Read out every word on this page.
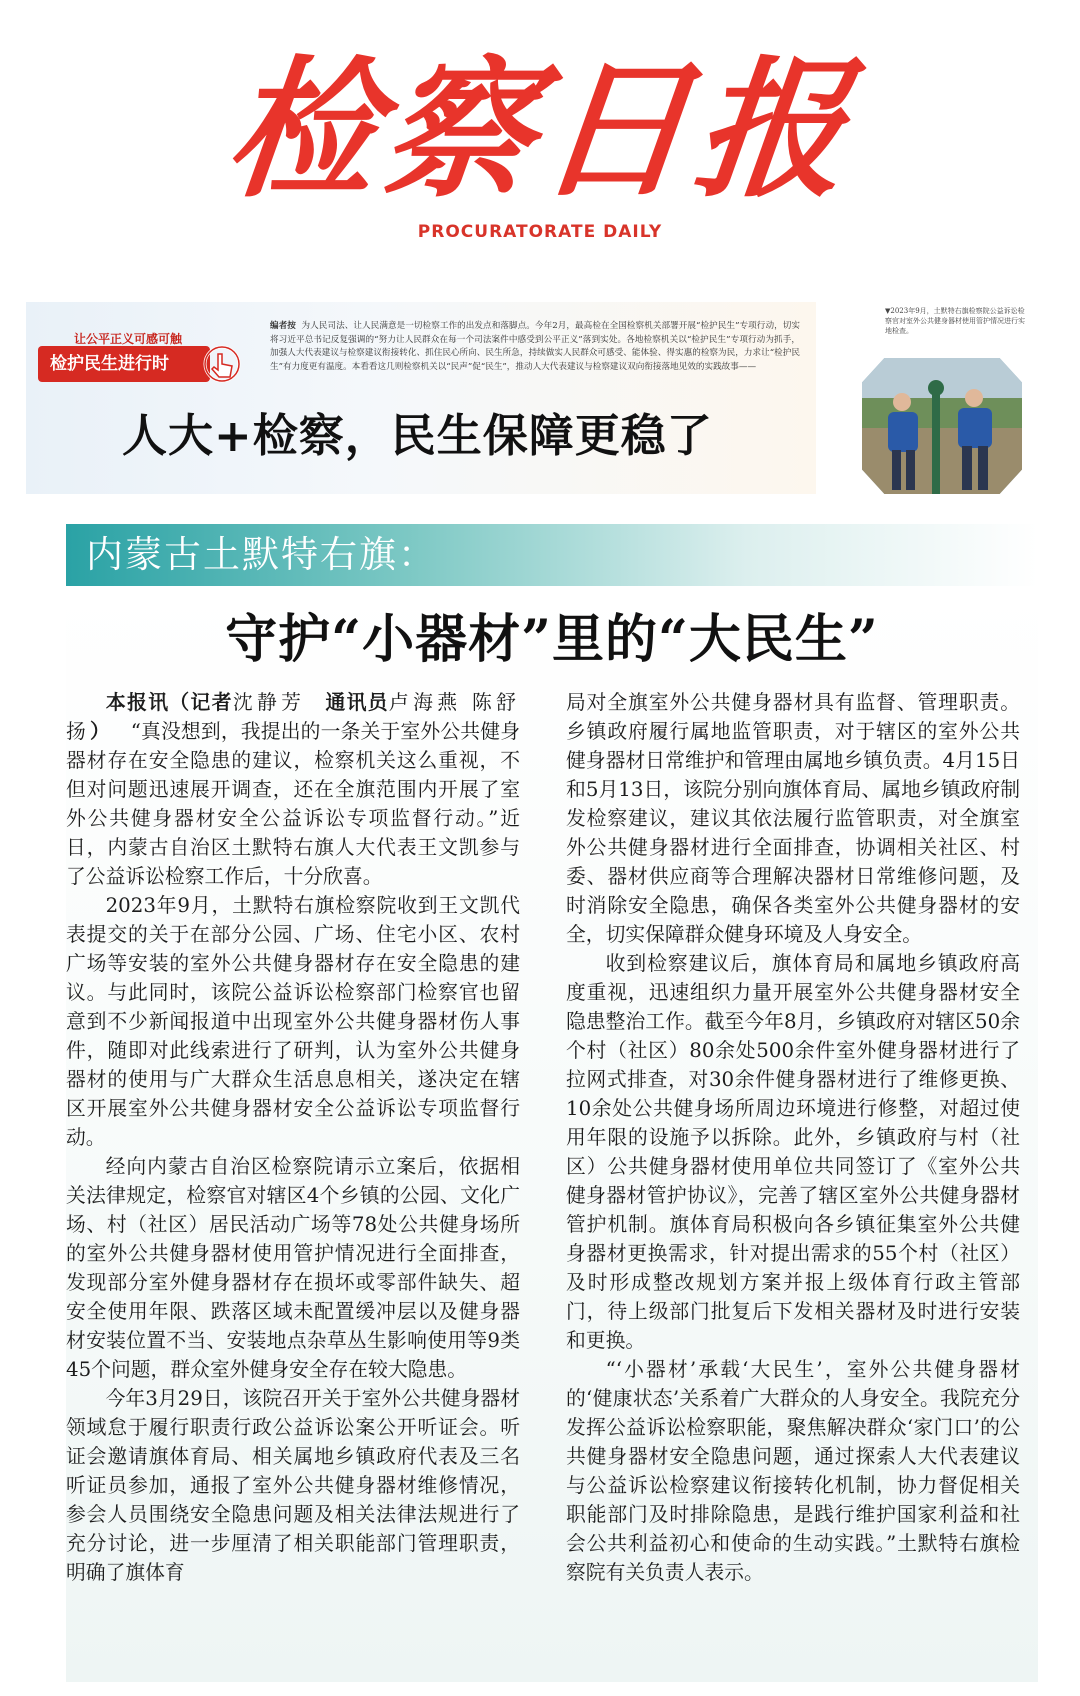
检察日报
PROCURATORATE DAILY
让公平正义可感可触
检护民生进行时
编者按 为人民司法、让人民满意是一切检察工作的出发点和落脚点。今年2月，最高检在全国检察机关部署开展“检护民生”专项行动，切实将习近平总书记反复强调的“努力让人民群众在每一个司法案件中感受到公平正义”落到实处。各地检察机关以“检护民生”专项行动为抓手，加强人大代表建议与检察建议衔接转化、抓住民心所向、民生所急，持续做实人民群众可感受、能体验、得实惠的检察为民，力求让“检护民生”有力度更有温度。本看看这几则检察机关以“民声”促“民生”，推动人大代表建议与检察建议双向衔接落地见效的实践故事——
人大+检察，民生保障更稳了
▼2023年9月，土默特右旗检察院公益诉讼检察官对室外公共健身器材使用管护情况进行实地检查。
内蒙古土默特右旗：
守护“小器材”里的“大民生”

  本报讯（记者沈静芳  通讯员卢海燕 陈舒扬）  “真没想到，我提出的一条关于室外公共健身器材存在安全隐患的建议，检察机关这么重视，不但对问题迅速展开调查，还在全旗范围内开展了室外公共健身器材安全公益诉讼专项监督行动。”近日，内蒙古自治区土默特右旗人大代表王文凯参与了公益诉讼检察工作后，十分欣喜。

2023年9月，土默特右旗检察院收到王文凯代表提交的关于在部分公园、广场、住宅小区、农村广场等安装的室外公共健身器材存在安全隐患的建议。与此同时，该院公益诉讼检察部门检察官也留意到不少新闻报道中出现室外公共健身器材伤人事件，随即对此线索进行了研判，认为室外公共健身器材的使用与广大群众生活息息相关，遂决定在辖区开展室外公共健身器材安全公益诉讼专项监督行动。

经向内蒙古自治区检察院请示立案后，依据相关法律规定，检察官对辖区4个乡镇的公园、文化广场、村（社区）居民活动广场等78处公共健身场所的室外公共健身器材使用管护情况进行全面排查，发现部分室外健身器材存在损坏或零部件缺失、超安全使用年限、跌落区域未配置缓冲层以及健身器材安装位置不当、安装地点杂草丛生影响使用等9类45个问题，群众室外健身安全存在较大隐患。

今年3月29日，该院召开关于室外公共健身器材领域怠于履行职责行政公益诉讼案公开听证会。听证会邀请旗体育局、相关属地乡镇政府代表及三名听证员参加，通报了室外公共健身器材维修情况，参会人员围绕安全隐患问题及相关法律法规进行了充分讨论，进一步厘清了相关职能部门管理职责，明确了旗体育

局对全旗室外公共健身器材具有监督、管理职责。乡镇政府履行属地监管职责，对于辖区的室外公共健身器材日常维护和管理由属地乡镇负责。4月15日和5月13日，该院分别向旗体育局、属地乡镇政府制发检察建议，建议其依法履行监管职责，对全旗室外公共健身器材进行全面排查，协调相关社区、村委、器材供应商等合理解决器材日常维修问题，及时消除安全隐患，确保各类室外公共健身器材的安全，切实保障群众健身环境及人身安全。

收到检察建议后，旗体育局和属地乡镇政府高度重视，迅速组织力量开展室外公共健身器材安全隐患整治工作。截至今年8月，乡镇政府对辖区50余个村（社区）80余处500余件室外健身器材进行了拉网式排查，对30余件健身器材进行了维修更换、10余处公共健身场所周边环境进行修整，对超过使用年限的设施予以拆除。此外，乡镇政府与村（社区）公共健身器材使用单位共同签订了《室外公共健身器材管护协议》，完善了辖区室外公共健身器材管护机制。旗体育局积极向各乡镇征集室外公共健身器材更换需求，针对提出需求的55个村（社区）及时形成整改规划方案并报上级体育行政主管部门，待上级部门批复后下发相关器材及时进行安装和更换。

“‘小器材’承载‘大民生’，室外公共健身器材的‘健康状态’关系着广大群众的人身安全。我院充分发挥公益诉讼检察职能，聚焦解决群众‘家门口’的公共健身器材安全隐患问题，通过探索人大代表建议与公益诉讼检察建议衔接转化机制，协力督促相关职能部门及时排除隐患，是践行维护国家利益和社会公共利益初心和使命的生动实践。”土默特右旗检察院有关负责人表示。
